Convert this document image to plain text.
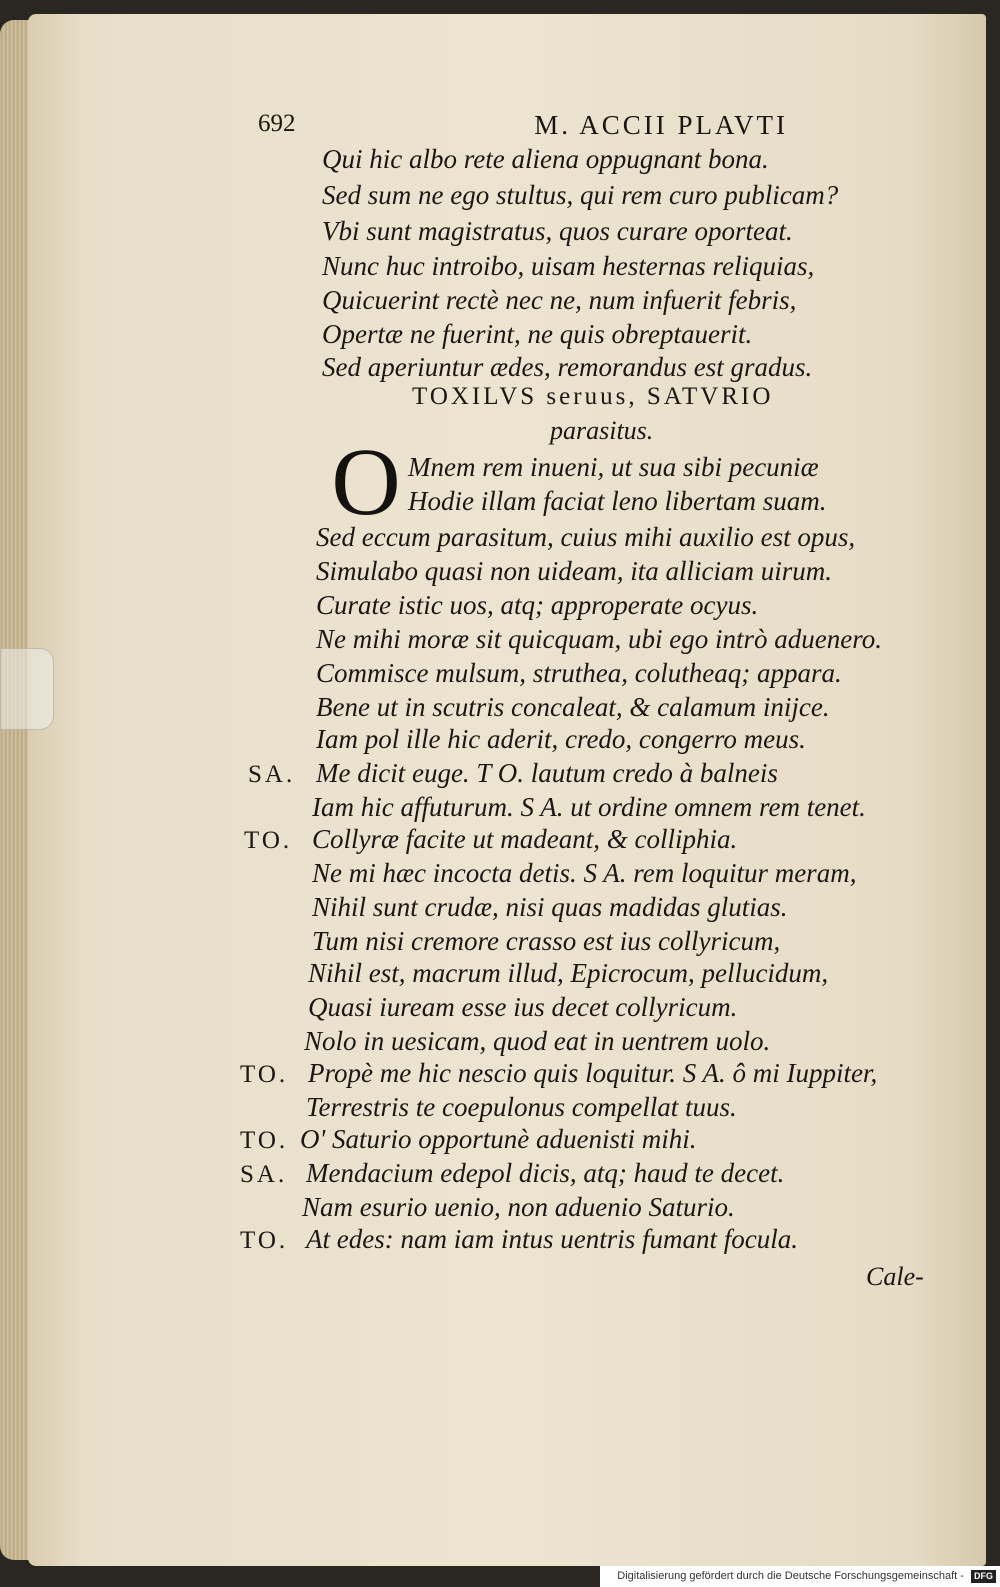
692	M. ACCII PLAVTI
Qui hic albo rete aliena oppugnant bona.
Sed sum ne ego stultus, qui rem curo publicam?
Vbi sunt magistratus, quos curare oporteat.
Nunc huc introibo, uisam hesternas reliquias,
Quicuerint rectè nec ne, num infuerit febris,
Opertæ ne fuerint, ne quis obreptauerit.
Sed aperiuntur ædes, remorandus est gradus.
TOXILVS seruus, SATVRIO
parasitus.
O Mnem rem inueni, ut sua sibi pecuniæ
Hodie illam faciat leno libertam suam.
Sed eccum parasitum, cuius mihi auxilio est opus,
Simulabo quasi non uideam, ita alliciam uirum.
Curate istic uos, atq; approperate ocyus.
Ne mihi moræ sit quicquam, ubi ego intrò aduenero.
Commisce mulsum, struthea, colutheaq; appara.
Bene ut in scutris concaleat, & calamum inijce.
Iam pol ille hic aderit, credo, congerro meus.
SA. Me dicit euge. T O. lautum credo à balneis
Iam hic affuturum. S A. ut ordine omnem rem tenet.
TO. Collyræ facite ut madeant, & colliphia.
Ne mi hæc incocta detis. S A. rem loquitur meram,
Nihil sunt crudæ, nisi quas madidas glutias.
Tum nisi cremore crasso est ius collyricum,
Nihil est, macrum illud, Epicrocum, pellucidum,
Quasi iuream esse ius decet collyricum.
Nolo in uesicam, quod eat in uentrem uolo.
TO. Propè me hic nescio quis loquitur. S A. ô mi Iuppiter,
Terrestris te coepulonus compellat tuus.
TO. O' Saturio opportunè aduenisti mihi.
SA. Mendacium edepol dicis, atq; haud te decet.
Nam esurio uenio, non aduenio Saturio.
TO. At edes: nam iam intus uentris fumant focula.
Cale-
Digitalisierung gefördert durch die Deutsche Forschungsgemeinschaft - DFG
